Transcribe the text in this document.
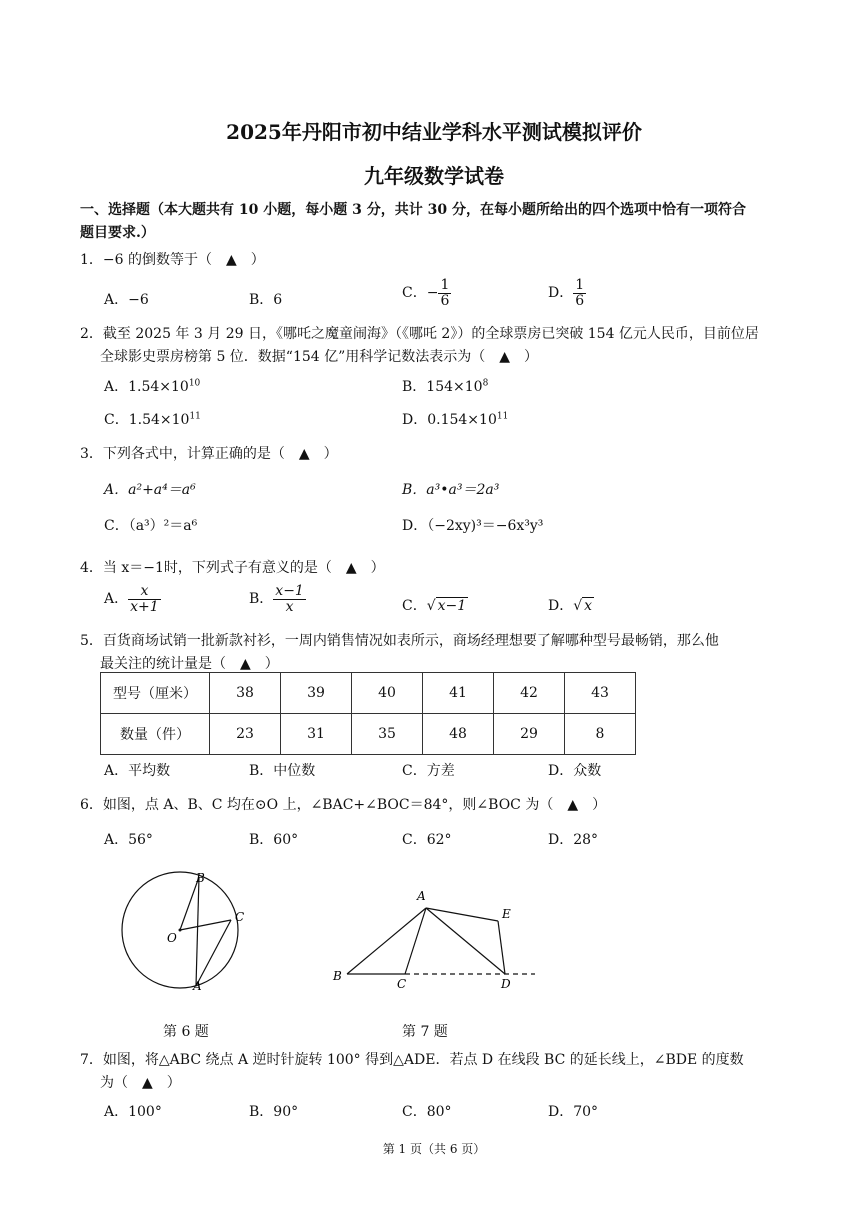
2025年丹阳市初中结业学科水平测试模拟评价
九年级数学试卷
一、选择题（本大题共有 10 小题，每小题 3 分，共计 30 分，在每小题所给出的四个选项中恰有一项符合
题目要求.）
1．−6 的倒数等于（　▲　）
A．−6	B．6	C．− $\frac{1}{6}$	D． $\frac{1}{6}$
2．截至 2025 年 3 月 29 日，《哪吒之魔童闹海》（《哪吒 2》）的全球票房已突破 154 亿元人民币，目前位居
全球影史票房榜第 5 位．数据“154 亿”用科学记数法表示为（　▲　）
A．$1.54\times 10^{10}$	B．$154\times 10^8$
C．$1.54\times 10^{11}$	D．$0.154\times 10^{11}$
3．下列各式中，计算正确的是（　▲　）
A．a²+a⁴＝a⁶	B．a³•a³＝2a³
C．（a³）²＝a⁶	D．（−2xy)³＝−6x³y³
4．当 x＝−1时，下列式子有意义的是（　▲　）
A． $\frac{x}{x+1}$	B． $\frac{x-1}{x}$	C．√ x−1	D．√ x
5．百货商场试销一批新款衬衫，一周内销售情况如表所示，商场经理想要了解哪种型号最畅销，那么他
最关注的统计量是（　▲　）
型号（厘米）	38	39	40	41	42	43
数量（件）	23	31	35	48	29	8
A．平均数	B．中位数	C．方差	D．众数
6．如图，点 A、B、C 均在⊙O 上，∠BAC+∠BOC＝84°，则∠BOC 为（　▲　）
A．56°	B．60°	C．62°	D．28°
B
C
O
A
第 6 题
A
E
B
C	D
第 7 题
7．如图，将△ABC 绕点 A 逆时针旋转 100° 得到△ADE．若点 D 在线段 BC 的延长线上，∠BDE 的度数
为（　▲　）
A．100°	B．90°	C．80°	D．70°
第 1 页（共 6 页）
